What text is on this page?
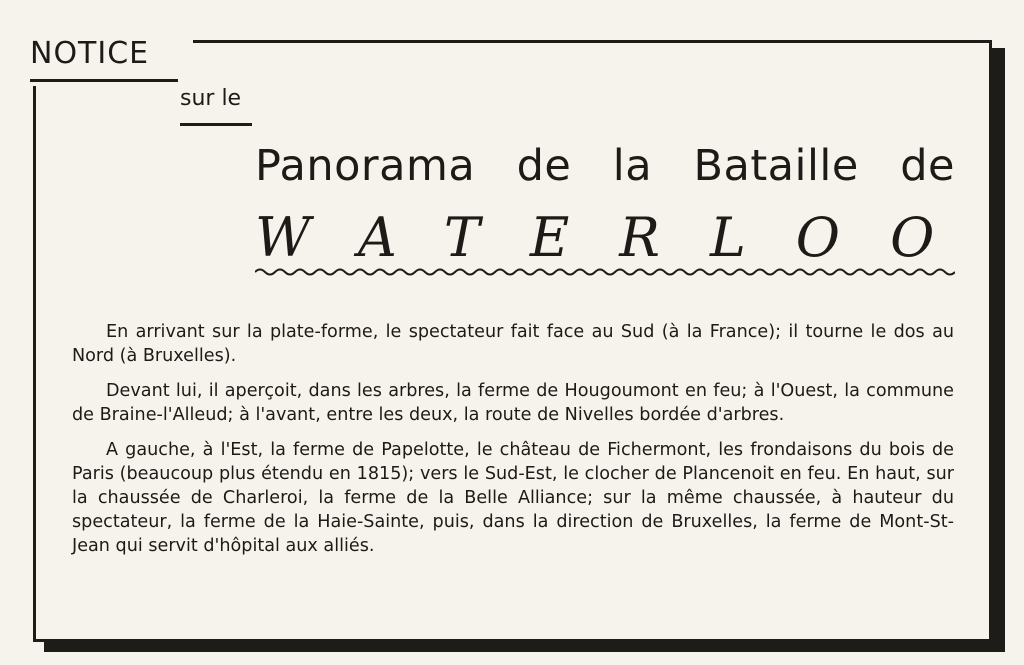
NOTICE
sur le
Panorama de la Bataille de
WATERLOO

En arrivant sur la plate-forme, le spectateur fait face au Sud (à la France); il tourne le dos au Nord (à Bruxelles).

Devant lui, il aperçoit, dans les arbres, la ferme de Hougoumont en feu; à l'Ouest, la commune de Braine-l'Alleud; à l'avant, entre les deux, la route de Nivelles bordée d'arbres.

A gauche, à l'Est, la ferme de Papelotte, le château de Fichermont, les frondaisons du bois de Paris (beaucoup plus étendu en 1815); vers le Sud-Est, le clocher de Plancenoit en feu. En haut, sur la chaussée de Charleroi, la ferme de la Belle Alliance; sur la même chaussée, à hauteur du spectateur, la ferme de la Haie-Sainte, puis, dans la direction de Bruxelles, la ferme de Mont-St-Jean qui servit d'hôpital aux alliés.
